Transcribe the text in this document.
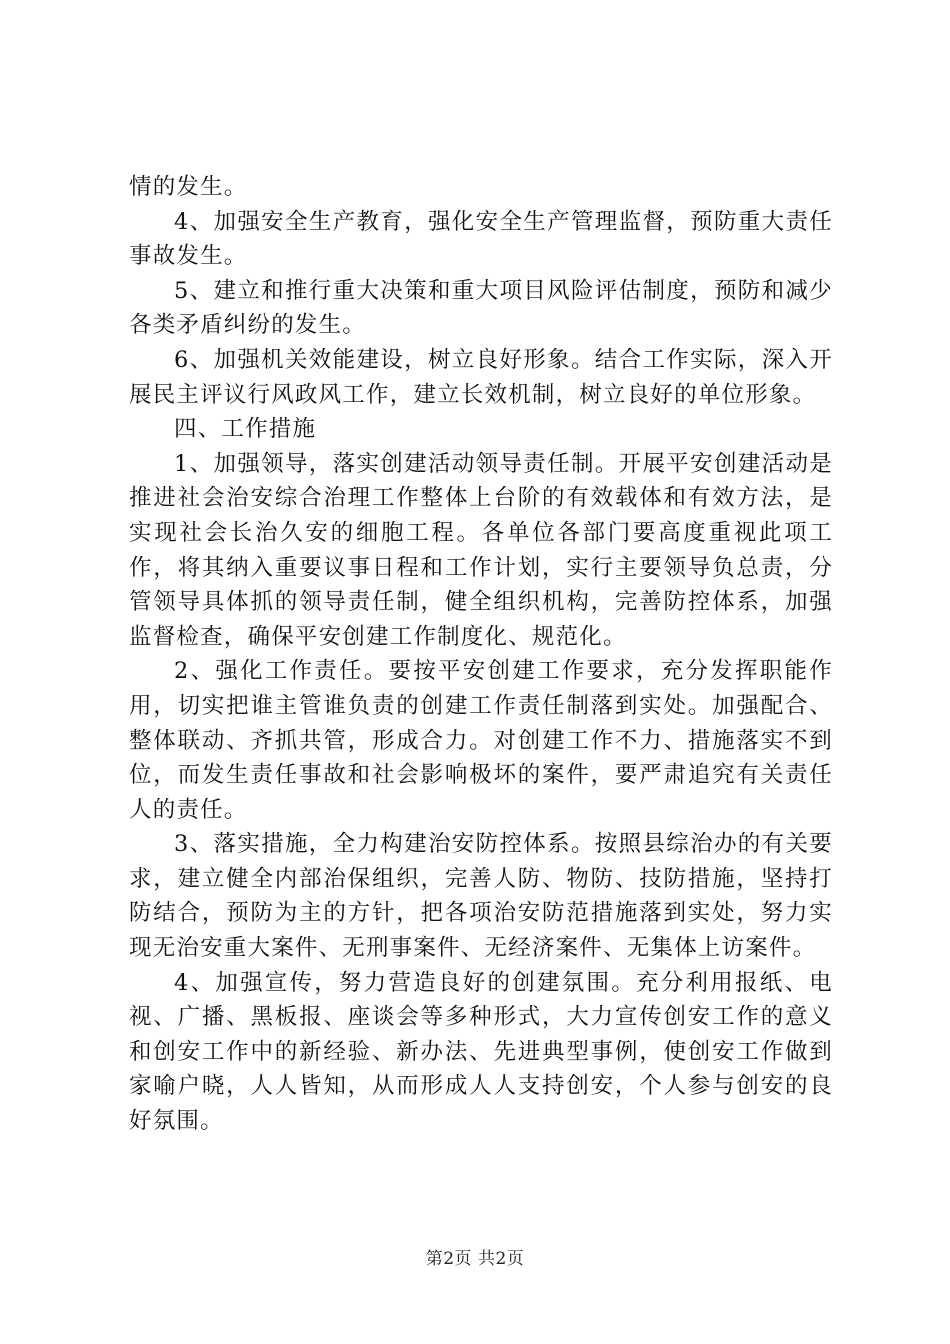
情的发生。

4、加强安全生产教育，强化安全生产管理监督，预防重大责任事故发生。

5、建立和推行重大决策和重大项目风险评估制度，预防和减少各类矛盾纠纷的发生。

6、加强机关效能建设，树立良好形象。结合工作实际，深入开展民主评议行风政风工作，建立长效机制，树立良好的单位形象。

四、工作措施

1、加强领导，落实创建活动领导责任制。开展平安创建活动是推进社会治安综合治理工作整体上台阶的有效载体和有效方法，是实现社会长治久安的细胞工程。各单位各部门要高度重视此项工作，将其纳入重要议事日程和工作计划，实行主要领导负总责，分管领导具体抓的领导责任制，健全组织机构，完善防控体系，加强监督检查，确保平安创建工作制度化、规范化。

2、强化工作责任。要按平安创建工作要求，充分发挥职能作用，切实把谁主管谁负责的创建工作责任制落到实处。加强配合、整体联动、齐抓共管，形成合力。对创建工作不力、措施落实不到位，而发生责任事故和社会影响极坏的案件，要严肃追究有关责任人的责任。

3、落实措施，全力构建治安防控体系。按照县综治办的有关要求，建立健全内部治保组织，完善人防、物防、技防措施，坚持打防结合，预防为主的方针，把各项治安防范措施落到实处，努力实现无治安重大案件、无刑事案件、无经济案件、无集体上访案件。

4、加强宣传，努力营造良好的创建氛围。充分利用报纸、电视、广播、黑板报、座谈会等多种形式，大力宣传创安工作的意义和创安工作中的新经验、新办法、先进典型事例，使创安工作做到家喻户晓，人人皆知，从而形成人人支持创安，个人参与创安的良好氛围。

第2页 共2页
